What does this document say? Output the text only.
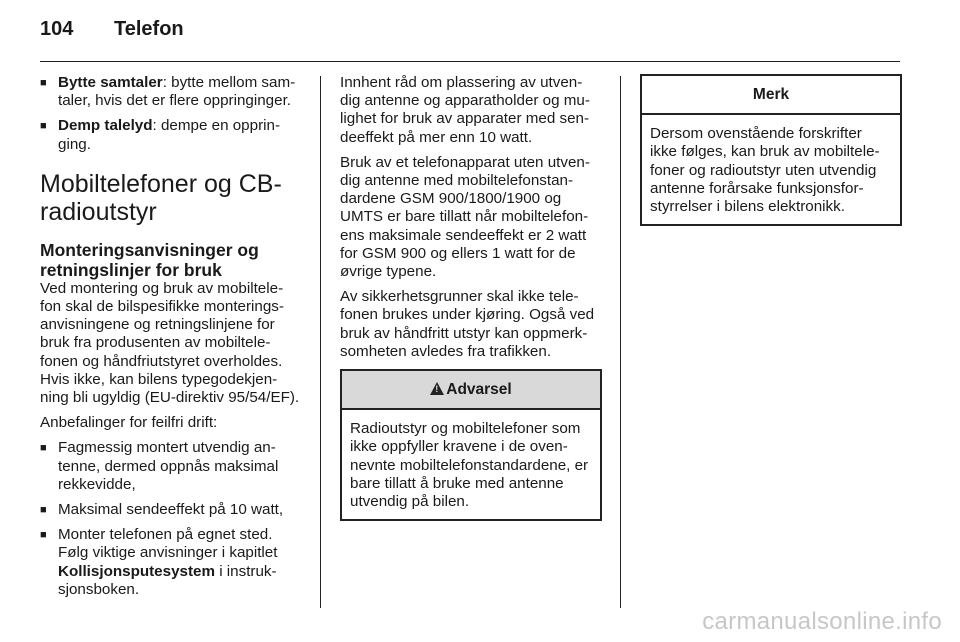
104 Telefon
■ Bytte samtaler: bytte mellom sam-taler, hvis det er flere oppringinger.
■ Demp talelyd: dempe en opprin-ging.
Mobiltelefoner og CB-radioutstyr
Monteringsanvisninger og retningslinjer for bruk

Ved montering og bruk av mobiltele-fon skal de bilspesifikke monterings-anvisningene og retningslinjene for bruk fra produsenten av mobiltele-fonen og håndfriutstyret overholdes. Hvis ikke, kan bilens typegodekjen-ning bli ugyldig (EU-direktiv 95/54/EF).

Anbefalinger for feilfri drift:

■ Fagmessig montert utvendig an-tenne, dermed oppnås maksimal rekkevidde,
■ Maksimal sendeeffekt på 10 watt,
■ Monter telefonen på egnet sted. Følg viktige anvisninger i kapitlet Kollisjonsputesystem i instruk-sjonsboken.

Innhent råd om plassering av utven-dig antenne og apparatholder og mu-lighet for bruk av apparater med sen-deeffekt på mer enn 10 watt.

Bruk av et telefonapparat uten utven-dig antenne med mobiltelefonstan-dardene GSM 900/1800/1900 og UMTS er bare tillatt når mobiltelefon-ens maksimale sendeeffekt er 2 watt for GSM 900 og ellers 1 watt for de øvrige typene.

Av sikkerhetsgrunner skal ikke tele-fonen brukes under kjøring. Også ved bruk av håndfritt utstyr kan oppmerk-somheten avledes fra trafikken.

!Advarsel
Radioutstyr og mobiltelefoner som ikke oppfyller kravene i de oven-nevnte mobiltelefonstandardene, er bare tillatt å bruke med antenne utvendig på bilen.
Merk
Dersom ovenstående forskrifter ikke følges, kan bruk av mobiltele-foner og radioutstyr uten utvendig antenne forårsake funksjonsfor-styrrelser i bilens elektronikk.
carmanualsonline.info
